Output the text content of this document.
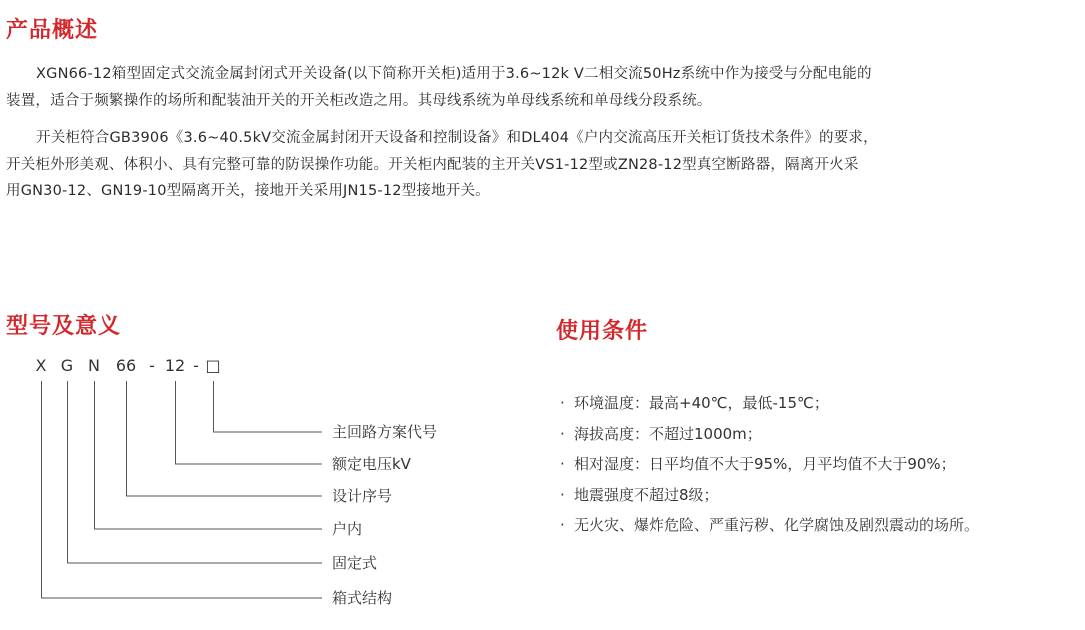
产品概述

XGN66-12箱型固定式交流金属封闭式开关设备(以下简称开关柜)适用于3.6~12k V二相交流50Hz系统中作为接受与分配电能的

装置，适合于频繁操作的场所和配装油开关的开关柜改造之用。其母线系统为单母线系统和单母线分段系统。

开关柜符合GB3906《3.6~40.5kV交流金属封闭开天设备和控制设备》和DL404《户内交流高压开关柜订货技术条件》的要求，

开关柜外形美观、体积小、具有完整可靠的防误操作功能。开关柜内配装的主开关VS1-12型或ZN28-12型真空断路器，隔离开火采

用GN30-12、GN19-10型隔离开关，接地开关采用JN15-12型接地开关。

型号及意义
X G N 66 - 12 - □
主回路方案代号
额定电压kV
设计序号
户内
固定式
箱式结构
使用条件
· 环境温度：最高+40℃，最低-15℃；
· 海拔高度：不超过1000m；
· 相对湿度：日平均值不大于95%，月平均值不大于90%；
· 地震强度不超过8级；
· 无火灾、爆炸危险、严重污秽、化学腐蚀及剧烈震动的场所。
